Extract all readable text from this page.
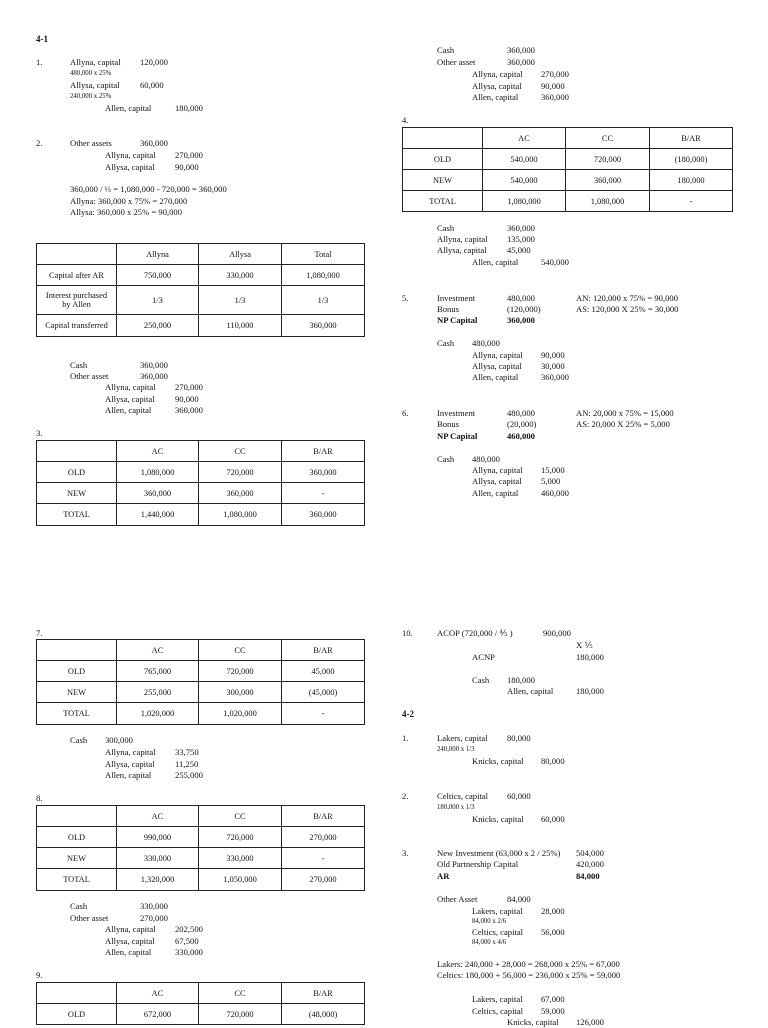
4-1
1.	Allyna, capital 120,000
480,000 x 25%
Allysa, capital 60,000
240,000 x 25%
Allen, capital	180,000
2.	Other assets	360,000
Allyna, capital 270,000
Allysa, capital 90,000
360,000 / ⅓ = 1,080,000 - 720,000 = 360,000
Allyna: 360,000 x 75% = 270,000
Allysa: 360,000 x 25% = 90,000
	Allyna	Allysa	Total
Capital after AR	750,000	330,000	1,080,000
Interest purchased by Allen	1/3	1/3	1/3
Capital transferred	250,000	110,000	360,000
Cash	360,000
Other asset	360,000
Allyna, capital 270,000
Allysa, capital 90,000
Allen, capital	360,000
3.
	AC	CC	B/AR
OLD	1,080,000	720,000	360,000
NEW	360,000	360,000	-
TOTAL	1,440,000	1,080,000	360,000
Cash	360,000
Other asset	360,000
Allyna, capital 270,000
Allysa, capital 90,000
Allen, capital	360,000
4.
	AC	CC	B/AR
OLD	540,000	720,000	(180,000)
NEW	540,000	360,000	180,000
TOTAL	1,080,000	1,080,000	-
Cash	360,000
Allyna, capital 135,000
Allysa, capital 45,000
Allen, capital	540,000
5.	Investment	480,000
Bonus	(120,000)
NP Capital	360,000
AN: 120,000 x 75% = 90,000
AS: 120,000 X 25% = 30,000
Cash 480,000
Allyna, capital 90,000
Allysa, capital 30,000
Allen, capital	360,000
6.	Investment	480,000
Bonus	(20,000)
NP Capital	460,000
AN: 20,000 x 75% = 15,000
AS: 20,000 X 25% = 5,000
Cash 480,000
Allyna, capital 15,000
Allysa, capital 5,000
Allen, capital	460,000
7.
	AC	CC	B/AR
OLD	765,000	720,000	45,000
NEW	255,000	300,000	(45,000)
TOTAL	1,020,000	1,020,000	-
Cash 300,000
Allyna, capital 33,750
Allysa, capital 11,250
Allen, capital	255,000
8.
	AC	CC	B/AR
OLD	990,000	720,000	270,000
NEW	330,000	330,000	-
TOTAL	1,320,000	1,050,000	270,000
Cash	330,000
Other asset	270,000
Allyna, capital 202,500
Allysa, capital 67,500
Allen, capital	330,000
9.
	AC	CC	B/AR
OLD	672,000	720,000	(48,000)
10.	ACOP (720,000 / ⅘ )	900,000
X ⅕
ACNP	180,000
Cash 180,000
Allen, capital	180,000
4-2
1.	Lakers, capital 80,000
240,000 x 1/3
Knicks, capital 80,000
2.	Celtics, capital 60,000
180,000 x 1/3
Knicks, capital 60,000
3.	New Investment (63,000 x 2 / 25%) 504,000
Old Partnership Capital	420,000
AR	84,000
Other Asset	84,000
Lakers, capital 28,000
84,000 x 2/6
Celtics, capital 56,000
84,000 x 4/6
Lakers: 240,000 + 28,000 = 268,000 x 25% = 67,000
Celtics: 180,000 + 56,000 = 236,000 x 25% = 59,000
Lakers, capital 67,000
Celtics, capital 59,000
Knicks, capital 126,000
